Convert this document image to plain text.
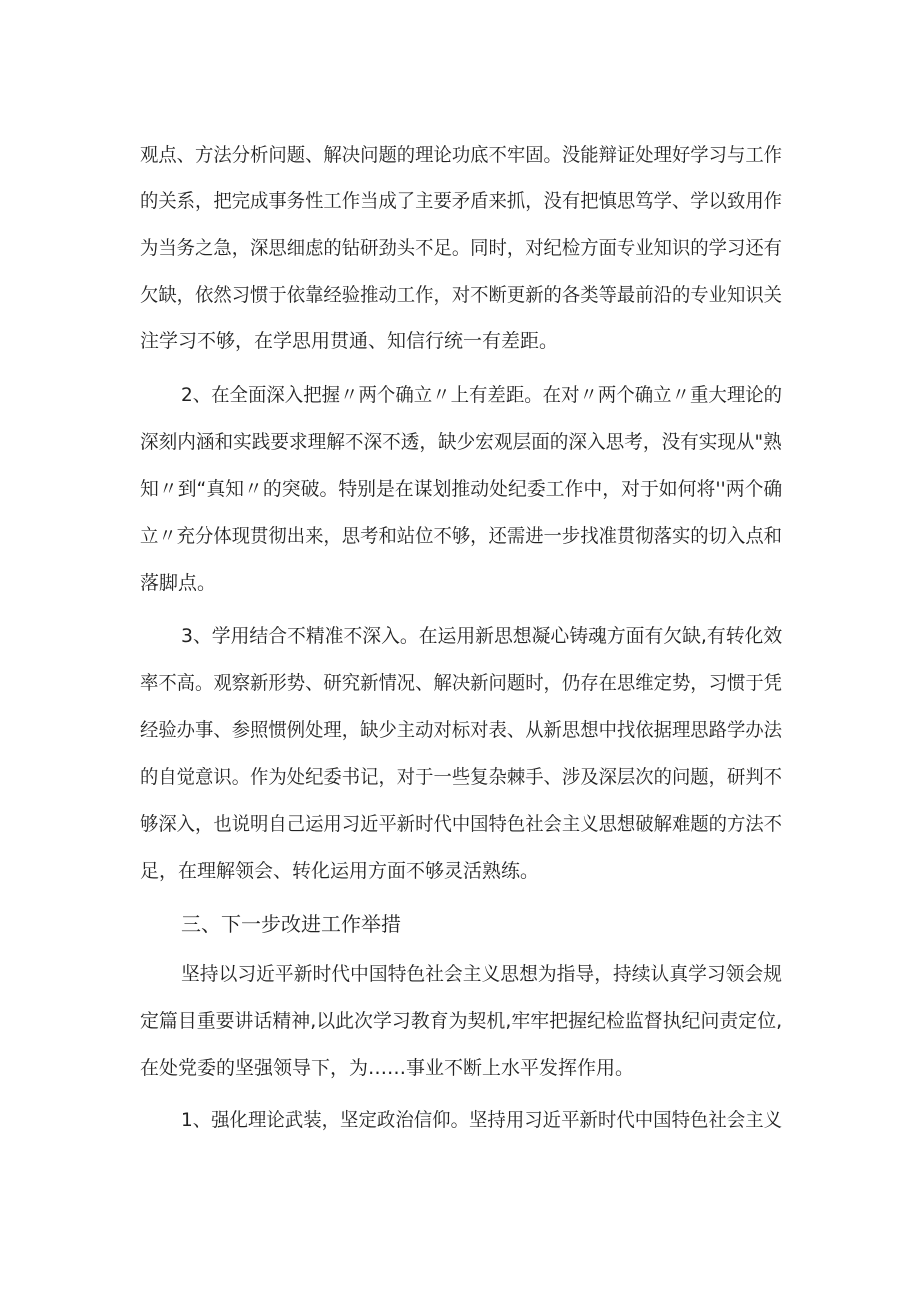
观点、方法分析问题、解决问题的理论功底不牢固。没能辩证处理好学习与工作
的关系，把完成事务性工作当成了主要矛盾来抓，没有把慎思笃学、学以致用作
为当务之急，深思细虑的钻研劲头不足。同时，对纪检方面专业知识的学习还有
欠缺，依然习惯于依靠经验推动工作，对不断更新的各类等最前沿的专业知识关
注学习不够，在学思用贯通、知信行统一有差距。
2、在全面深入把握〃两个确立〃上有差距。在对〃两个确立〃重大理论的
深刻内涵和实践要求理解不深不透，缺少宏观层面的深入思考，没有实现从"熟
知〃到“真知〃的突破。特别是在谋划推动处纪委工作中，对于如何将''两个确
立〃充分体现贯彻出来，思考和站位不够，还需进一步找准贯彻落实的切入点和
落脚点。
3、学用结合不精准不深入。在运用新思想凝心铸魂方面有欠缺,有转化效
率不高。观察新形势、研究新情况、解决新问题时，仍存在思维定势，习惯于凭
经验办事、参照惯例处理，缺少主动对标对表、从新思想中找依据理思路学办法
的自觉意识。作为处纪委书记，对于一些复杂棘手、涉及深层次的问题，研判不
够深入，也说明自己运用习近平新时代中国特色社会主义思想破解难题的方法不
足，在理解领会、转化运用方面不够灵活熟练。
三、下一步改进工作举措
坚持以习近平新时代中国特色社会主义思想为指导，持续认真学习领会规
定篇目重要讲话精神,以此次学习教育为契机,牢牢把握纪检监督执纪问责定位,
在处党委的坚强领导下，为……事业不断上水平发挥作用。
1、强化理论武装，坚定政治信仰。坚持用习近平新时代中国特色社会主义
